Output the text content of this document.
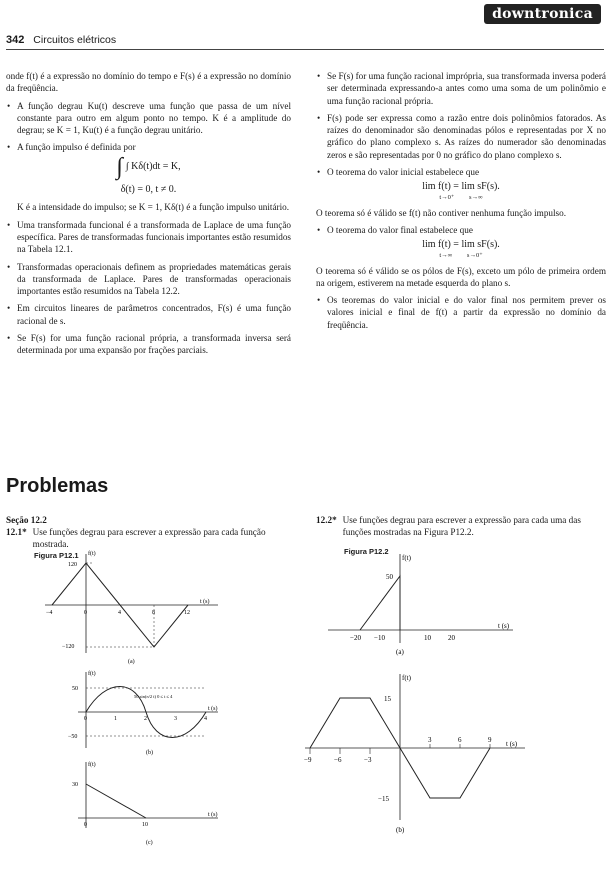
downtronica
342 Circuitos elétricos

onde f(t) é a expressão no domínio do tempo e F(s) é a expressão no domínio da freqüência.

• A função degrau Ku(t) descreve uma função que passa de um nível constante para outro em algum ponto no tempo. K é a amplitude do degrau; se K = 1, Ku(t) é a função degrau unitário.

• A função impulso é definida por

∫ ∫ Kδ(t)dt = K,
δ(t) = 0, t ≠ 0.

K é a intensidade do impulso; se K = 1, Kδ(t) é a função impulso unitário.

• Uma transformada funcional é a transformada de Laplace de uma função específica. Pares de transformadas funcionais importantes estão resumidos na Tabela 12.1.

• Transformadas operacionais definem as propriedades matemáticas gerais da transformada de Laplace. Pares de transformadas operacionais importantes estão resumidos na Tabela 12.2.

• Em circuitos lineares de parâmetros concentrados, F(s) é uma função racional de s.

• Se F(s) for uma função racional própria, a transformada inversa será determinada por uma expansão por frações parciais.

• Se F(s) for uma função racional imprópria, sua transformada inversa poderá ser determinada expressando-a antes como uma soma de um polinômio e uma função racional própria.

• F(s) pode ser expressa como a razão entre dois polinômios fatorados. As raízes do denominador são denominadas pólos e representadas por X no gráfico do plano complexo s. As raízes do numerador são denominadas zeros e são representadas por 0 no gráfico do plano complexo s.

• O teorema do valor inicial estabelece que

lim f(t) = lim sF(s).
t→0⁺ s→∞

O teorema só é válido se f(t) não contiver nenhuma função impulso.

• O teorema do valor final estabelece que

lim f(t) = lim sF(s).
t→∞ s→0⁺

O teorema só é válido se os pólos de F(s), exceto um pólo de primeira ordem na origem, estiverem na metade esquerda do plano s.

• Os teoremas do valor inicial e do valor final nos permitem prever os valores inicial e final de f(t) a partir da expressão no domínio da freqüência.

Problemas
Seção 12.2
12.1* Use funções degrau para escrever a expressão para cada função mostrada.
Figura P12.1
12.2* Use funções degrau para escrever a expressão para cada uma das funções mostradas na Figura P12.2.
Figura P12.2
f(t)
120
−120
t (s)
−4	0	4	8	12
(a)
f(t)
50
−50
t (s)
50 sin(π/2 t) 0 ≤ t ≤ 4
0	1	2	3	4
(b)
f(t)
30
t (s)
0	10
(c)
f(t)
50
t (s)
−20 −10	10 20
(a)
f(t)
15
−15
t (s)
−9	−6	−3
3	6	9
(b)
